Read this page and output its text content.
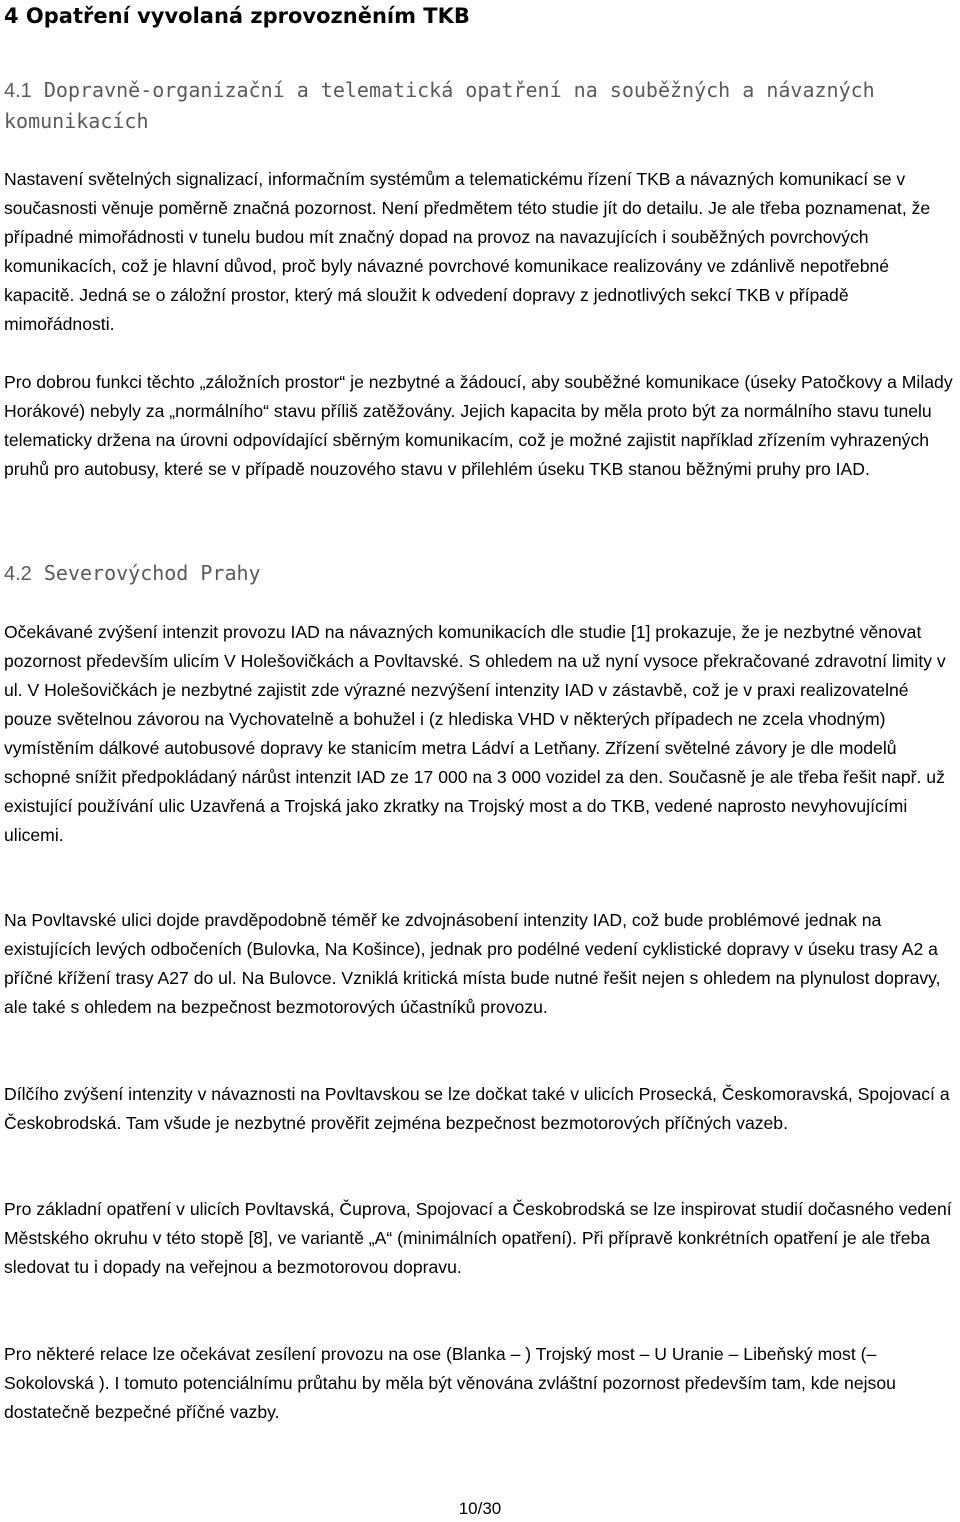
4 Opatření vyvolaná zprovozněním TKB
4.1 Dopravně-organizační a telematická opatření na souběžných a návazných komunikacích

Nastavení světelných signalizací, informačním systémům a telematickému řízení TKB a návazných komunikací se v současnosti věnuje poměrně značná pozornost. Není předmětem této studie jít do detailu. Je ale třeba poznamenat, že případné mimořádnosti v tunelu budou mít značný dopad na provoz na navazujících i souběžných povrchových komunikacích, což je hlavní důvod, proč byly návazné povrchové komunikace realizovány ve zdánlivě nepotřebné kapacitě. Jedná se o záložní prostor, který má sloužit k odvedení dopravy z jednotlivých sekcí TKB v případě mimořádnosti.

Pro dobrou funkci těchto „záložních prostor“ je nezbytné a žádoucí, aby souběžné komunikace (úseky Patočkovy a Milady Horákové) nebyly za „normálního“ stavu příliš zatěžovány. Jejich kapacita by měla proto být za normálního stavu tunelu telematicky držena na úrovni odpovídající sběrným komunikacím, což je možné zajistit například zřízením vyhrazených pruhů pro autobusy, které se v případě nouzového stavu v přilehlém úseku TKB stanou běžnými pruhy pro IAD.

4.2 Severovýchod Prahy

Očekávané zvýšení intenzit provozu IAD na návazných komunikacích dle studie [1] prokazuje, že je nezbytné věnovat pozornost především ulicím V Holešovičkách a Povltavské. S ohledem na už nyní vysoce překračované zdravotní limity v ul. V Holešovičkách je nezbytné zajistit zde výrazné nezvýšení intenzity IAD v zástavbě, což je v praxi realizovatelné pouze světelnou závorou na Vychovatelně a bohužel i (z hlediska VHD v některých případech ne zcela vhodným) vymístěním dálkové autobusové dopravy ke stanicím metra Ládví a Letňany. Zřízení světelné závory je dle modelů schopné snížit předpokládaný nárůst intenzit IAD ze 17 000 na 3 000 vozidel za den. Současně je ale třeba řešit např. už existující používání ulic Uzavřená a Trojská jako zkratky na Trojský most a do TKB, vedené naprosto nevyhovujícími ulicemi.

Na Povltavské ulici dojde pravděpodobně téměř ke zdvojnásobení intenzity IAD, což bude problémové jednak na existujících levých odbočeních (Bulovka, Na Košince), jednak pro podélné vedení cyklistické dopravy v úseku trasy A2 a příčné křížení trasy A27 do ul. Na Bulovce. Vzniklá kritická místa bude nutné řešit nejen s ohledem na plynulost dopravy, ale také s ohledem na bezpečnost bezmotorových účastníků provozu.

Dílčího zvýšení intenzity v návaznosti na Povltavskou se lze dočkat také v ulicích Prosecká, Českomoravská, Spojovací a Českobrodská. Tam všude je nezbytné prověřit zejména bezpečnost bezmotorových příčných vazeb.

Pro základní opatření v ulicích Povltavská, Čuprova, Spojovací a Českobrodská se lze inspirovat studií dočasného vedení Městského okruhu v této stopě [8], ve variantě „A“ (minimálních opatření). Při přípravě konkrétních opatření je ale třeba sledovat tu i dopady na veřejnou a bezmotorovou dopravu.

Pro některé relace lze očekávat zesílení provozu na ose (Blanka – ) Trojský most – U Uranie – Libeňský most (– Sokolovská ). I tomuto potenciálnímu průtahu by měla být věnována zvláštní pozornost především tam, kde nejsou dostatečně bezpečné příčné vazby.

10/30
